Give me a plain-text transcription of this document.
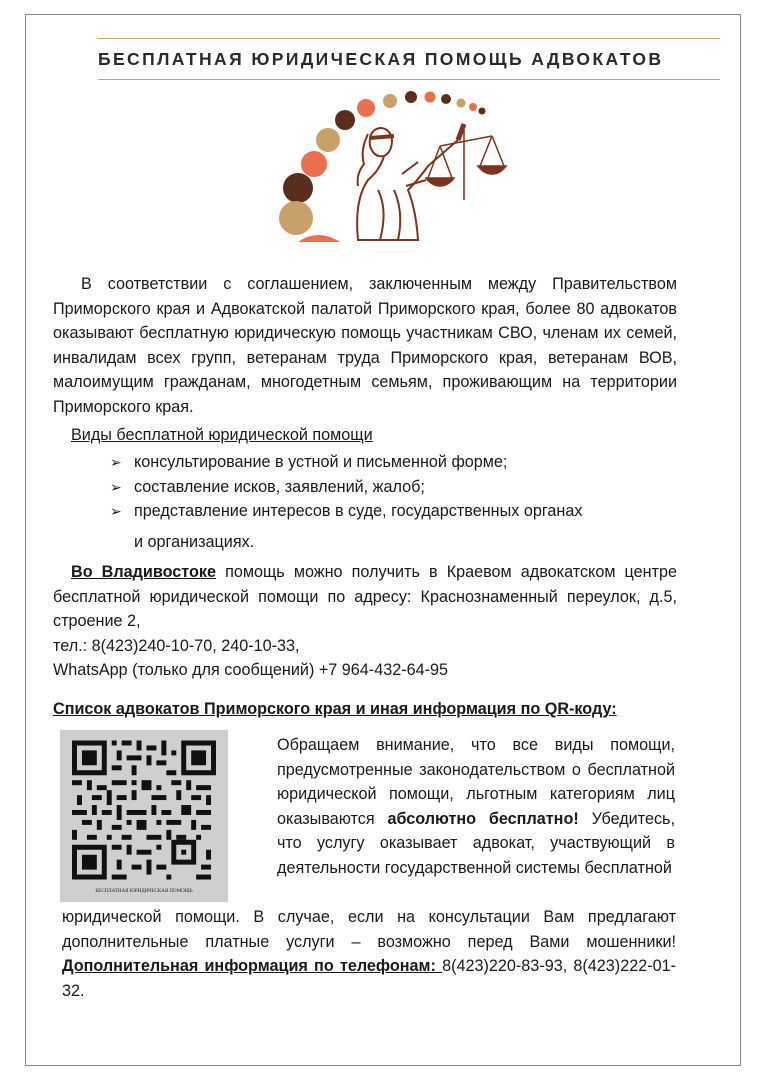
БЕСПЛАТНАЯ ЮРИДИЧЕСКАЯ ПОМОЩЬ АДВОКАТОВ

В соответствии с соглашением, заключенным между Правительством Приморского края и Адвокатской палатой Приморского края, более 80 адвокатов оказывают бесплатную юридическую помощь участникам СВО, членам их семей, инвалидам всех групп, ветеранам труда Приморского края, ветеранам ВОВ, малоимущим гражданам, многодетным семьям, проживающим на территории Приморского края.

Виды бесплатной юридической помощи
➢ консультирование в устной и письменной форме;
➢ составление исков, заявлений, жалоб;
➢ представление интересов в суде, государственных органах
и организациях.
Во Владивостоке помощь можно получить в Краевом адвокатском центре бесплатной юридической помощи по адресу: Краснознаменный переулок, д.5, строение 2,
тел.: 8(423)240-10-70, 240-10-33,
WhatsApp (только для сообщений) +7 964-432-64-95
Список адвокатов Приморского края и иная информация по QR-коду:
БЕСПЛАТНАЯ ЮРИДИЧЕСКАЯ ПОМОЩЬ

Обращаем внимание, что все виды помощи, предусмотренные законодательством о бесплатной юридической помощи, льготным категориям лиц оказываются абсолютно бесплатно! Убедитесь, что услугу оказывает адвокат, участвующий в деятельности государственной системы бесплатной

юридической помощи. В случае, если на консультации Вам предлагают дополнительные платные услуги – возможно перед Вами мошенники! Дополнительная информация по телефонам: 8(423)220-83-93, 8(423)222-01-32.
